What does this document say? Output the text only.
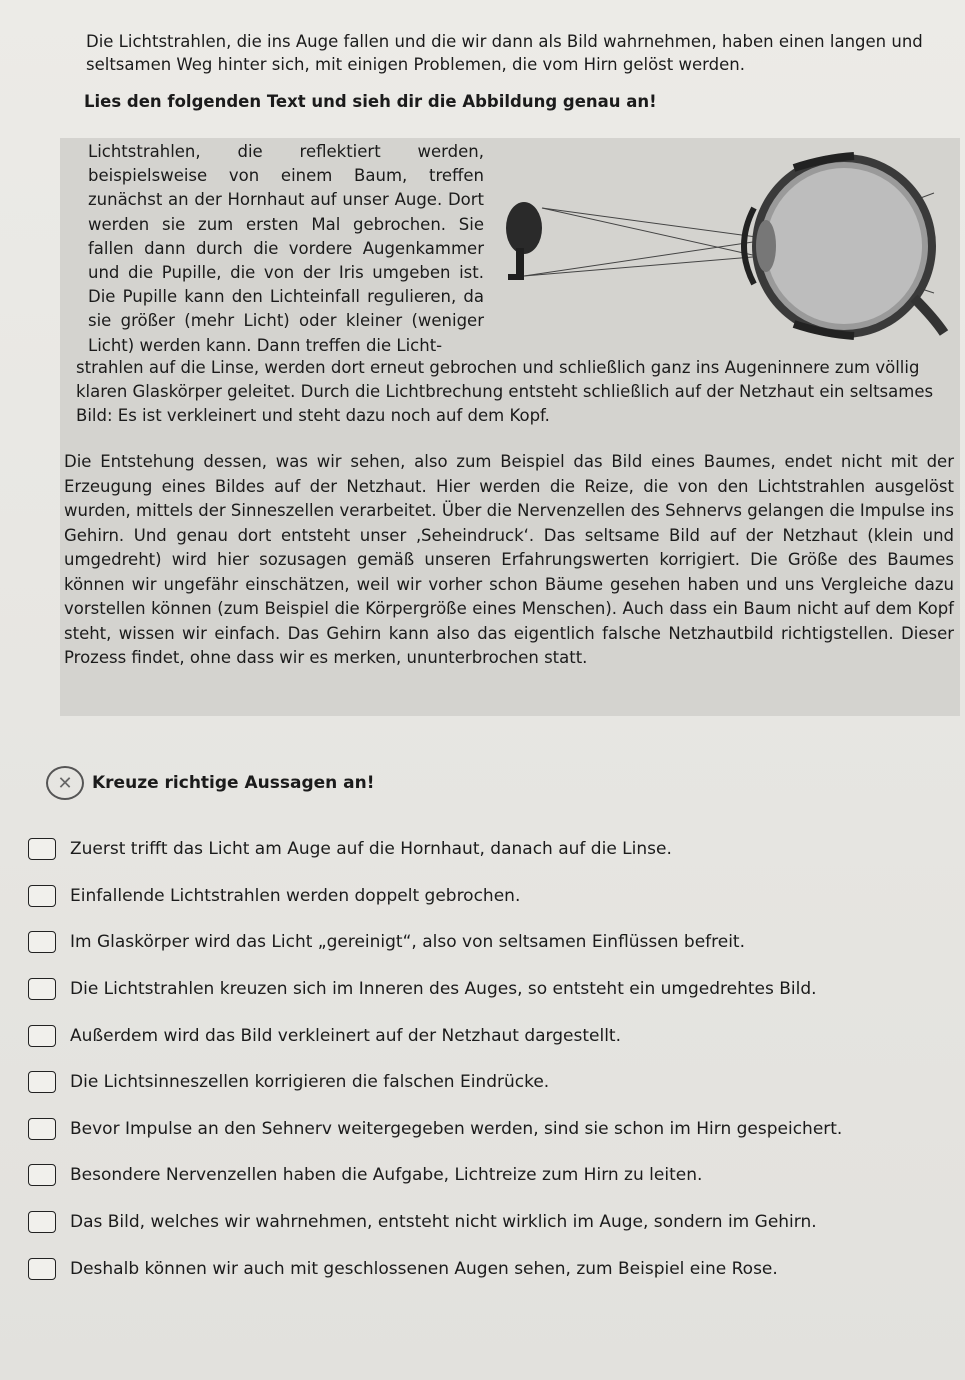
Die Lichtstrahlen, die ins Auge fallen und die wir dann als Bild wahrnehmen, haben einen langen und seltsamen Weg hinter sich, mit einigen Problemen, die vom Hirn gelöst werden.
Lies den folgenden Text und sieh dir die Abbildung genau an!
Lichtstrahlen, die reflektiert werden, beispielsweise von einem Baum, treffen zunächst an der Hornhaut auf unser Auge. Dort werden sie zum ersten Mal gebrochen. Sie fallen dann durch die vordere Augenkammer und die Pupille, die von der Iris umgeben ist. Die Pupille kann den Lichteinfall regulieren, da sie größer (mehr Licht) oder kleiner (weniger Licht) werden kann. Dann treffen die Licht-
strahlen auf die Linse, werden dort erneut gebrochen und schließlich ganz ins Augeninnere zum völlig klaren Glaskörper geleitet. Durch die Lichtbrechung entsteht schließlich auf der Netzhaut ein seltsames Bild: Es ist verkleinert und steht dazu noch auf dem Kopf.
Die Entstehung dessen, was wir sehen, also zum Beispiel das Bild eines Baumes, endet nicht mit der Erzeugung eines Bildes auf der Netzhaut. Hier werden die Reize, die von den Lichtstrahlen ausgelöst wurden, mittels der Sinneszellen verarbeitet. Über die Nervenzellen des Sehnervs gelangen die Impulse ins Gehirn. Und genau dort entsteht unser ‚Seheindruck‘. Das seltsame Bild auf der Netzhaut (klein und umgedreht) wird hier sozusagen gemäß unseren Erfahrungswerten korrigiert. Die Größe des Baumes können wir ungefähr einschätzen, weil wir vorher schon Bäume gesehen haben und uns Vergleiche dazu vorstellen können (zum Beispiel die Körpergröße eines Menschen). Auch dass ein Baum nicht auf dem Kopf steht, wissen wir einfach. Das Gehirn kann also das eigentlich falsche Netzhautbild richtigstellen. Dieser Prozess findet, ohne dass wir es merken, ununterbrochen statt.
✕	Kreuze richtige Aussagen an!
Zuerst trifft das Licht am Auge auf die Hornhaut, danach auf die Linse.
Einfallende Lichtstrahlen werden doppelt gebrochen.
Im Glaskörper wird das Licht „gereinigt“, also von seltsamen Einflüssen befreit.
Die Lichtstrahlen kreuzen sich im Inneren des Auges, so entsteht ein umgedrehtes Bild.
Außerdem wird das Bild verkleinert auf der Netzhaut dargestellt.
Die Lichtsinneszellen korrigieren die falschen Eindrücke.
Bevor Impulse an den Sehnerv weitergegeben werden, sind sie schon im Hirn gespeichert.
Besondere Nervenzellen haben die Aufgabe, Lichtreize zum Hirn zu leiten.
Das Bild, welches wir wahrnehmen, entsteht nicht wirklich im Auge, sondern im Gehirn.
Deshalb können wir auch mit geschlossenen Augen sehen, zum Beispiel eine Rose.
